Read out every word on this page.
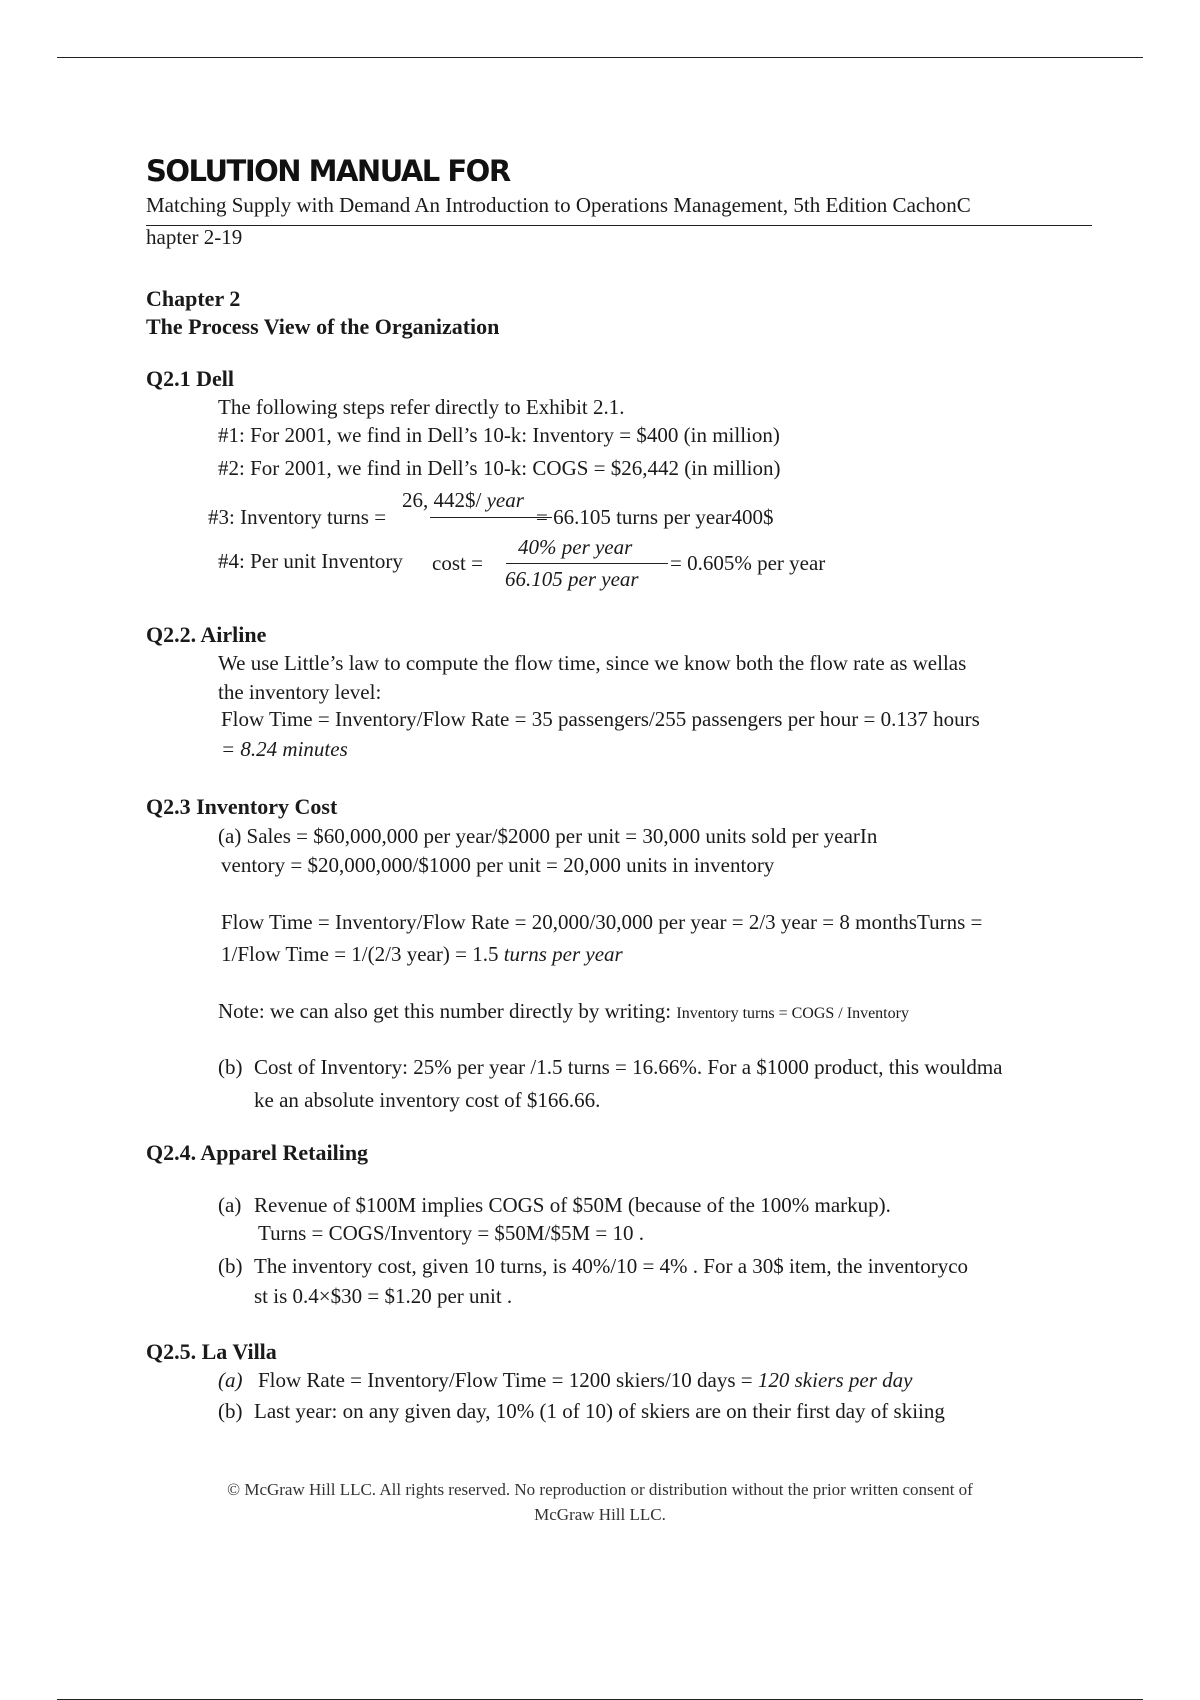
SOLUTION MANUAL FOR
Matching Supply with Demand An Introduction to Operations Management, 5th Edition CachonC
hapter 2-19
Chapter 2
The Process View of the Organization
Q2.1 Dell
The following steps refer directly to Exhibit 2.1.
#1: For 2001, we find in Dell’s 10-k: Inventory = $400 (in million)
#2: For 2001, we find in Dell’s 10-k: COGS = $26,442 (in million)
#3: Inventory turns =
26, 442$/ year
= 66.105 turns per year400$
#4: Per unit Inventory cost =
40% per year
66.105 per year
= 0.605% per year
Q2.2. Airline
We use Little’s law to compute the flow time, since we know both the flow rate as wellas
the inventory level:
Flow Time = Inventory/Flow Rate = 35 passengers/255 passengers per hour = 0.137 hours
= 8.24 minutes
Q2.3 Inventory Cost
(a) Sales = $60,000,000 per year/$2000 per unit = 30,000 units sold per yearIn
ventory = $20,000,000/$1000 per unit = 20,000 units in inventory
Flow Time = Inventory/Flow Rate = 20,000/30,000 per year = 2/3 year = 8 monthsTurns =
1/Flow Time = 1/(2/3 year) = 1.5 turns per year
Note: we can also get this number directly by writing: Inventory turns = COGS / Inventory
(b) Cost of Inventory: 25% per year /1.5 turns = 16.66%. For a $1000 product, this wouldma
ke an absolute inventory cost of $166.66.
Q2.4. Apparel Retailing
(a) Revenue of $100M implies COGS of $50M (because of the 100% markup).
Turns = COGS/Inventory = $50M/$5M = 10 .
(b) The inventory cost, given 10 turns, is 40%/10 = 4% . For a 30$ item, the inventoryco
st is 0.4×$30 = $1.20 per unit .
Q2.5. La Villa
(a) Flow Rate = Inventory/Flow Time = 1200 skiers/10 days = 120 skiers per day
(b) Last year: on any given day, 10% (1 of 10) of skiers are on their first day of skiing
© McGraw Hill LLC. All rights reserved. No reproduction or distribution without the prior written consent of
McGraw Hill LLC.
